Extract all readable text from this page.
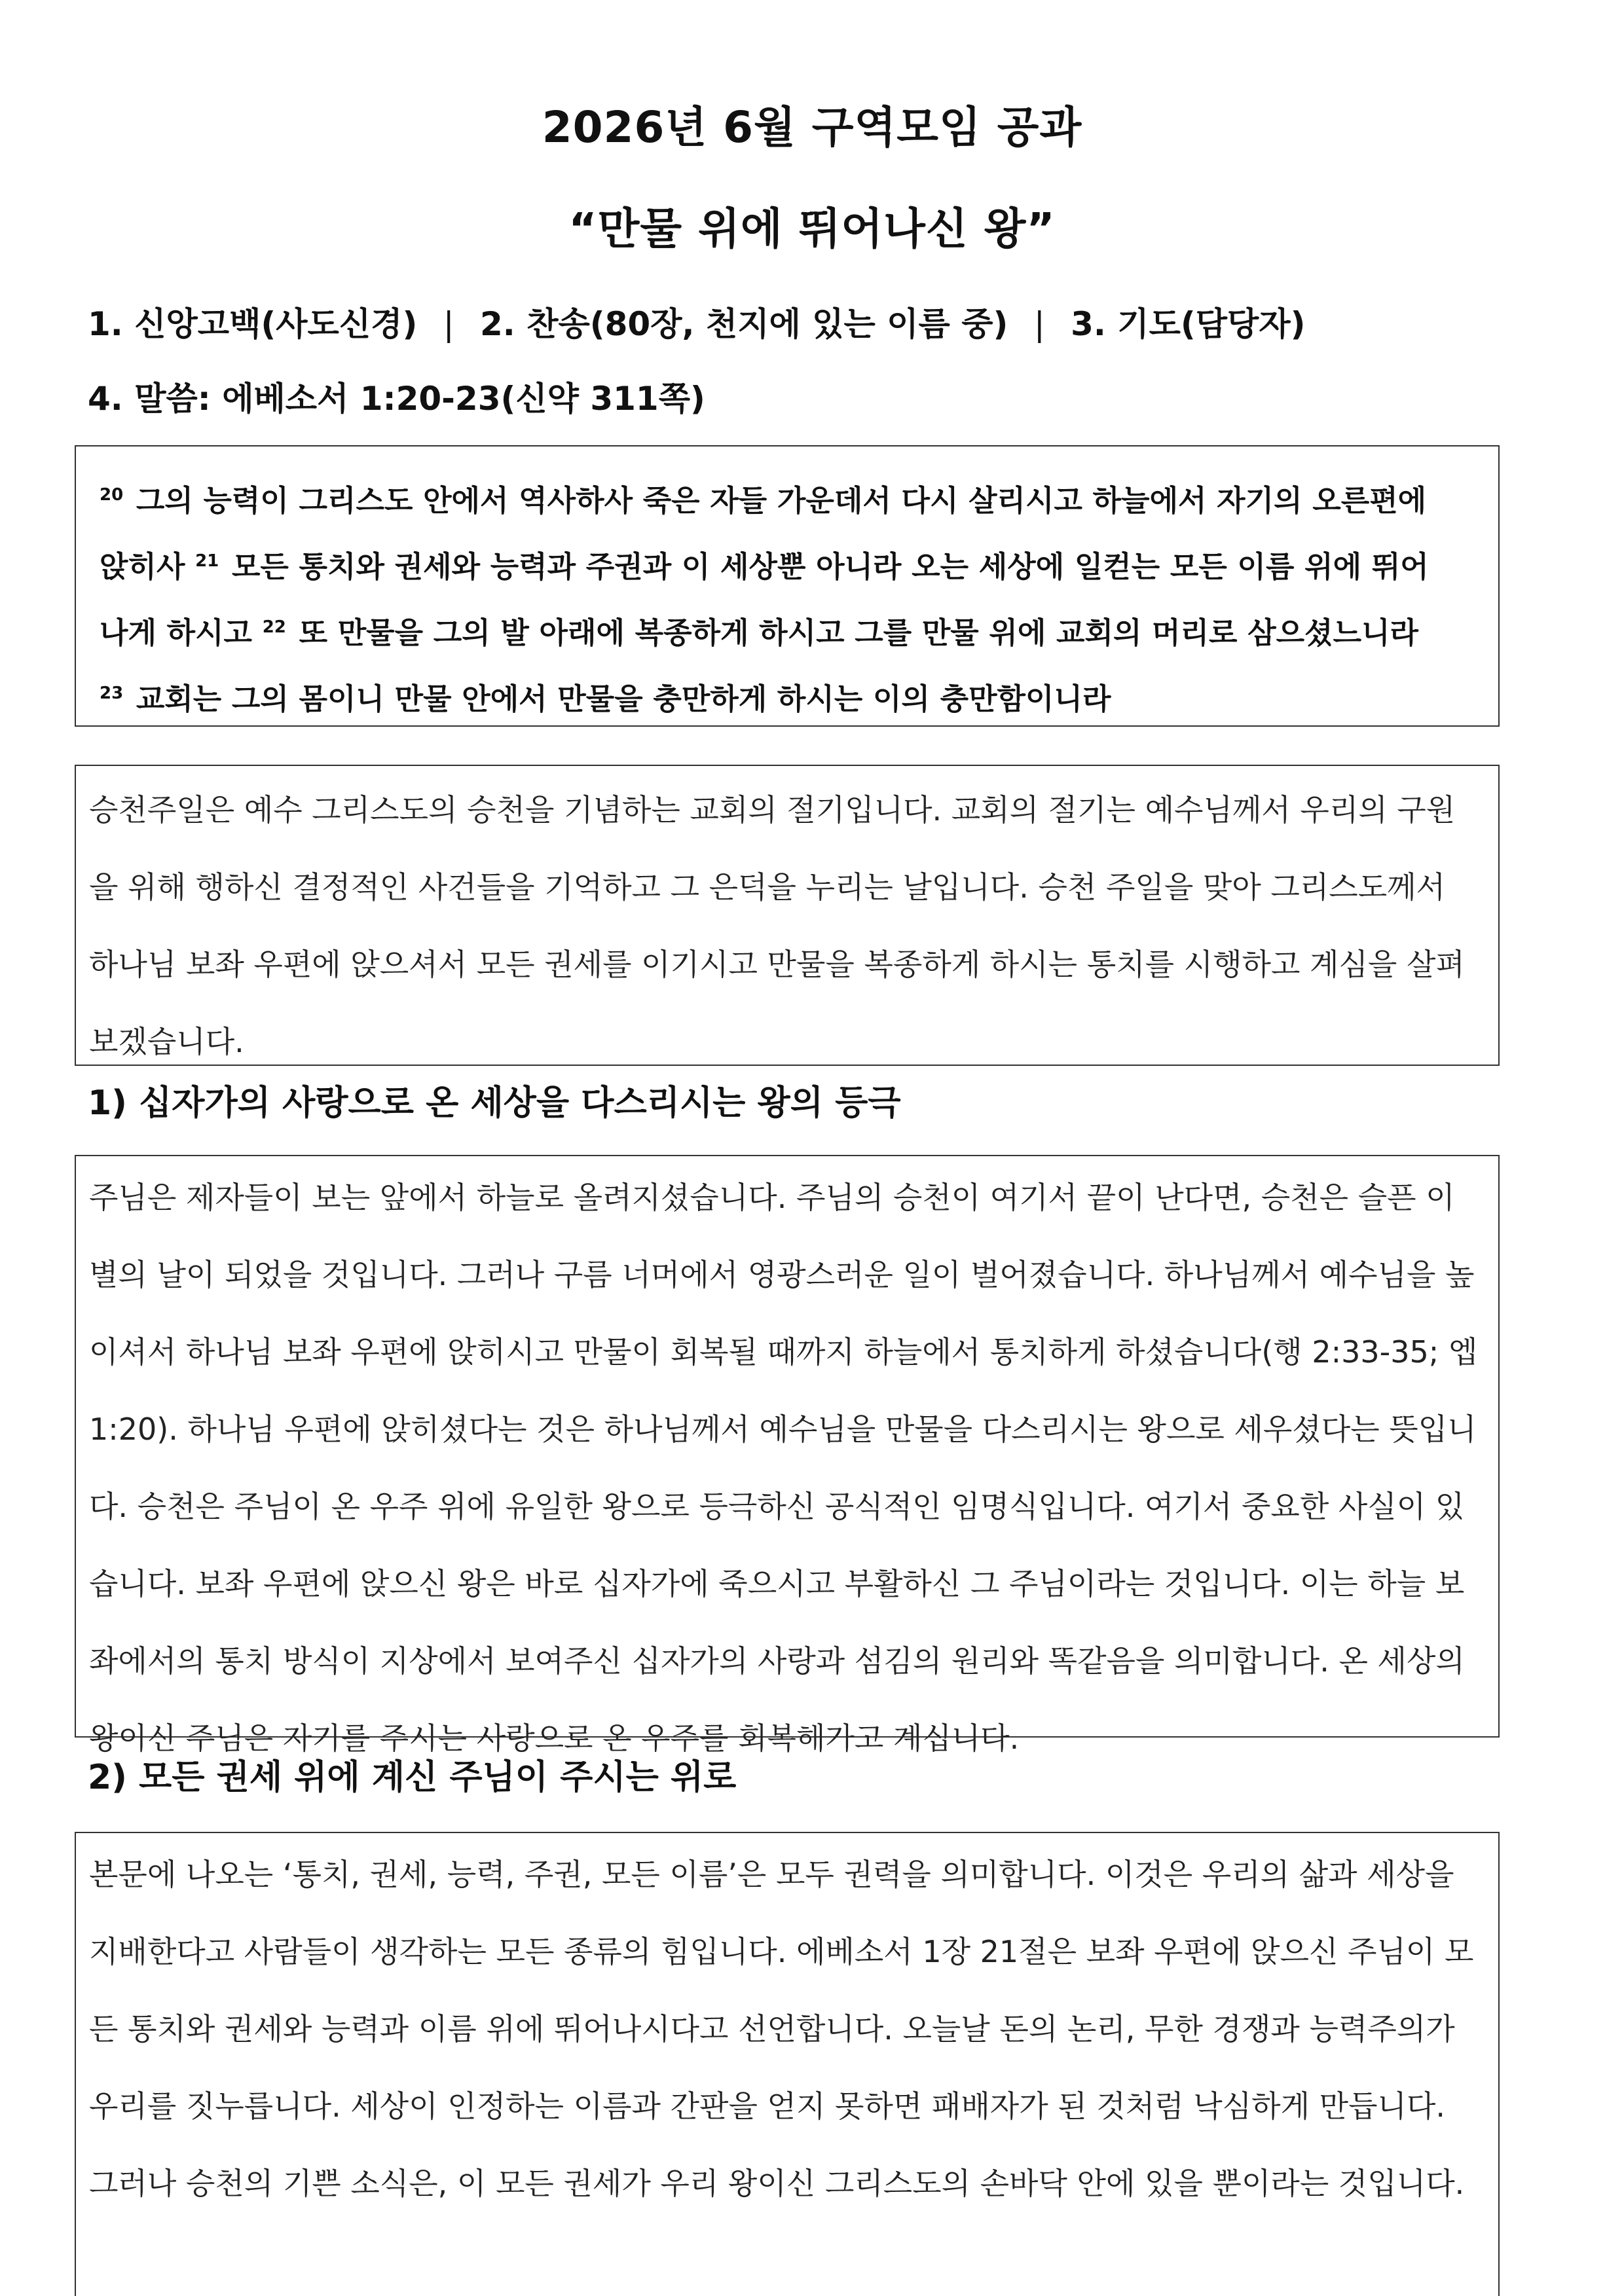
2026년 6월 구역모임 공과
“만물 위에 뛰어나신 왕”
1. 신앙고백(사도신경) | 2. 찬송(80장, 천지에 있는 이름 중) | 3. 기도(담당자)
4. 말씀: 에베소서 1:20-23(신약 311쪽)

$^{20}$ 그의 능력이 그리스도 안에서 역사하사 죽은 자들 가운데서 다시 살리시고 하늘에서 자기의 오른편에

앉히사 $^{21}$ 모든 통치와 권세와 능력과 주권과 이 세상뿐 아니라 오는 세상에 일컫는 모든 이름 위에 뛰어

나게 하시고 $^{22}$ 또 만물을 그의 발 아래에 복종하게 하시고 그를 만물 위에 교회의 머리로 삼으셨느니라

$^{23}$ 교회는 그의 몸이니 만물 안에서 만물을 충만하게 하시는 이의 충만함이니라

승천주일은 예수 그리스도의 승천을 기념하는 교회의 절기입니다. 교회의 절기는 예수님께서 우리의 구원

을 위해 행하신 결정적인 사건들을 기억하고 그 은덕을 누리는 날입니다. 승천 주일을 맞아 그리스도께서

하나님 보좌 우편에 앉으셔서 모든 권세를 이기시고 만물을 복종하게 하시는 통치를 시행하고 계심을 살펴

보겠습니다.

1) 십자가의 사랑으로 온 세상을 다스리시는 왕의 등극

주님은 제자들이 보는 앞에서 하늘로 올려지셨습니다. 주님의 승천이 여기서 끝이 난다면, 승천은 슬픈 이

별의 날이 되었을 것입니다. 그러나 구름 너머에서 영광스러운 일이 벌어졌습니다. 하나님께서 예수님을 높

이셔서 하나님 보좌 우편에 앉히시고 만물이 회복될 때까지 하늘에서 통치하게 하셨습니다(행 2:33-35; 엡

1:20). 하나님 우편에 앉히셨다는 것은 하나님께서 예수님을 만물을 다스리시는 왕으로 세우셨다는 뜻입니

다. 승천은 주님이 온 우주 위에 유일한 왕으로 등극하신 공식적인 임명식입니다. 여기서 중요한 사실이 있

습니다. 보좌 우편에 앉으신 왕은 바로 십자가에 죽으시고 부활하신 그 주님이라는 것입니다. 이는 하늘 보

좌에서의 통치 방식이 지상에서 보여주신 십자가의 사랑과 섬김의 원리와 똑같음을 의미합니다. 온 세상의

왕이신 주님은 자기를 주시는 사랑으로 온 우주를 회복해가고 계십니다.

2) 모든 권세 위에 계신 주님이 주시는 위로

본문에 나오는 ‘통치, 권세, 능력, 주권, 모든 이름’은 모두 권력을 의미합니다. 이것은 우리의 삶과 세상을

지배한다고 사람들이 생각하는 모든 종류의 힘입니다. 에베소서 1장 21절은 보좌 우편에 앉으신 주님이 모

든 통치와 권세와 능력과 이름 위에 뛰어나시다고 선언합니다. 오늘날 돈의 논리, 무한 경쟁과 능력주의가

우리를 짓누릅니다. 세상이 인정하는 이름과 간판을 얻지 못하면 패배자가 된 것처럼 낙심하게 만듭니다.

그러나 승천의 기쁜 소식은, 이 모든 권세가 우리 왕이신 그리스도의 손바닥 안에 있을 뿐이라는 것입니다.
